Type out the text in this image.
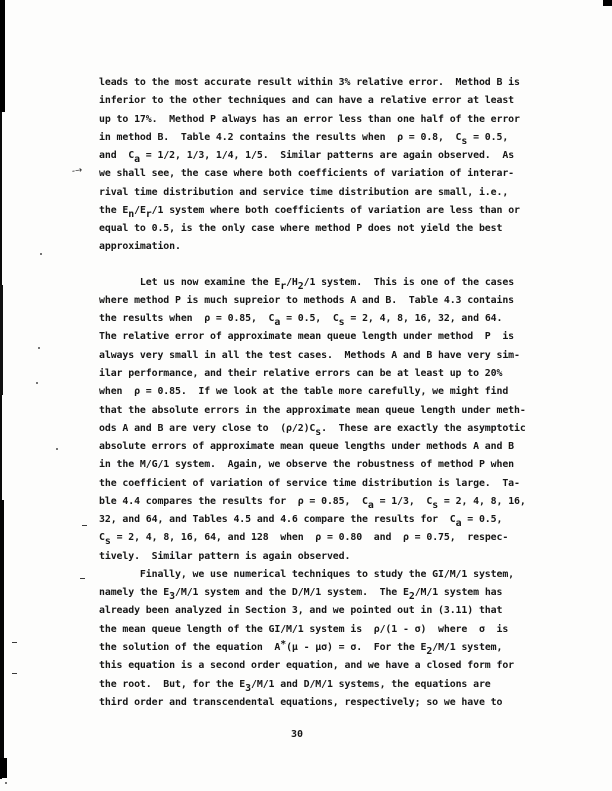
-→
leads to the most accurate result within 3% relative error.  Method B is
inferior to the other techniques and can have a relative error at least
up to 17%.  Method P always has an error less than one half of the error
in method B.  Table 4.2 contains the results when  ρ = 0.8,  Cs = 0.5,
and  Ca = 1/2, 1/3, 1/4, 1/5.  Similar patterns are again observed.  As
we shall see, the case where both coefficients of variation of interar-
rival time distribution and service time distribution are small, i.e.,
the En/Er/1 system where both coefficients of variation are less than or
equal to 0.5, is the only case where method P does not yield the best
approximation.
Let us now examine the Er/H2/1 system.  This is one of the cases
where method P is much supreior to methods A and B.  Table 4.3 contains
the results when  ρ = 0.85,  Ca = 0.5,  Cs = 2, 4, 8, 16, 32, and 64.
The relative error of approximate mean queue length under method  P  is
always very small in all the test cases.  Methods A and B have very sim-
ilar performance, and their relative errors can be at least up to 20%
when  ρ = 0.85.  If we look at the table more carefully, we might find
that the absolute errors in the approximate mean queue length under meth-
ods A and B are very close to  (ρ/2)Cs.  These are exactly the asymptotic
absolute errors of approximate mean queue lengths under methods A and B
in the M/G/1 system.  Again, we observe the robustness of method P when
the coefficient of variation of service time distribution is large.  Ta-
ble 4.4 compares the results for  ρ = 0.85,  Ca = 1/3,  Cs = 2, 4, 8, 16,
32, and 64, and Tables 4.5 and 4.6 compare the results for  Ca = 0.5,
Cs = 2, 4, 8, 16, 64, and 128  when  ρ = 0.80  and  ρ = 0.75,  respec-
tively.  Similar pattern is again observed.
Finally, we use numerical techniques to study the GI/M/1 system,
namely the E3/M/1 system and the D/M/1 system.  The E2/M/1 system has
already been analyzed in Section 3, and we pointed out in (3.11) that
the mean queue length of the GI/M/1 system is  ρ/(1 - σ)  where  σ  is
the solution of the equation  A*(μ - μσ) = σ.  For the E2/M/1 system,
this equation is a second order equation, and we have a closed form for
the root.  But, for the E3/M/1 and D/M/1 systems, the equations are
third order and transcendental equations, respectively; so we have to
30
